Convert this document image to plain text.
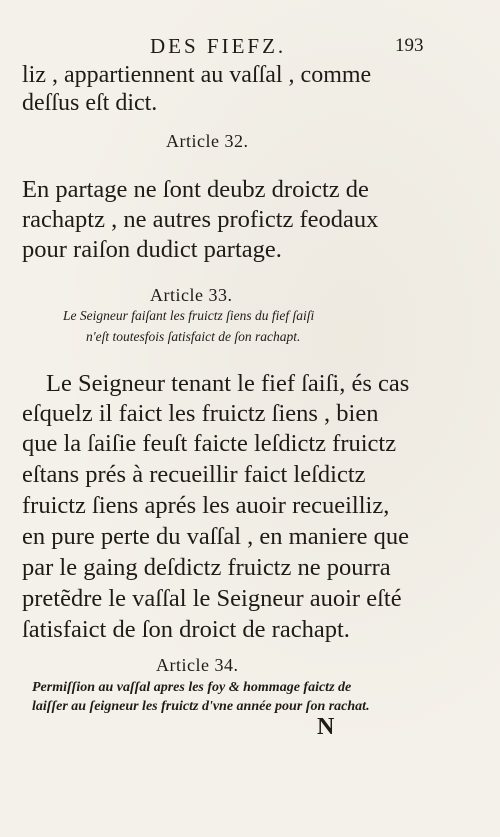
DES FIEFZ.	193
liz , appartiennent au vaſſal , comme
deſſus eſt dict.
Article 32.
En partage ne ſont deubz droictz de
rachaptz , ne autres profictz feodaux
pour raiſon dudict partage.
Article 33.
Le Seigneur faiſant les fruictz ſiens du fief ſaiſi
n'eſt toutesfois ſatisfaict de ſon rachapt.
Le Seigneur tenant le fief ſaiſi, és cas
eſquelz il faict les fruictz ſiens , bien
que la ſaiſie feuſt faicte leſdictz fruictz
eſtans prés à recueillir faict leſdictz
fruictz ſiens aprés les auoir recueilliz,
en pure perte du vaſſal , en maniere que
par le gaing deſdictz fruictz ne pourra
pretẽdre le vaſſal le Seigneur auoir eſté
ſatisfaict de ſon droict de rachapt.
Article 34.
Permiſſion au vaſſal apres les foy & hommage faictz de
laiſſer au ſeigneur les fruictz d'vne année pour ſon rachat.
N
